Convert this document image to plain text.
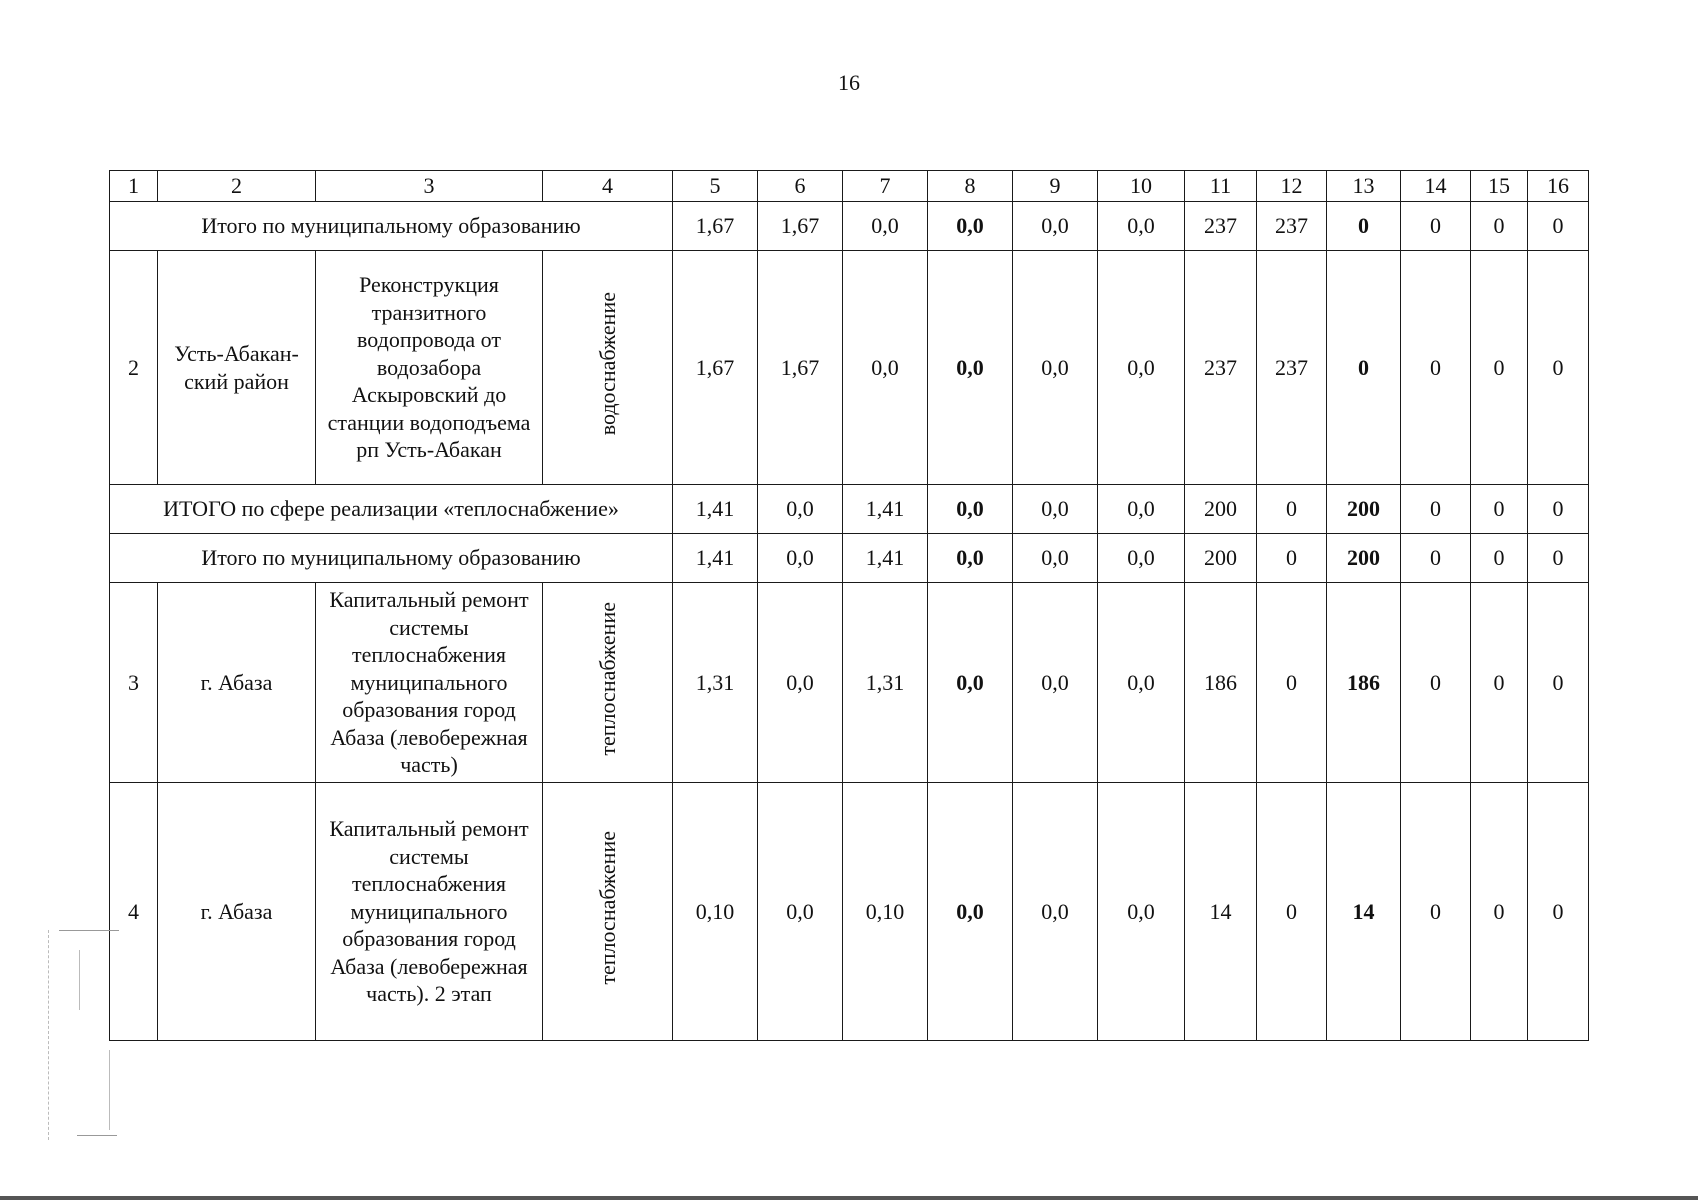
16
1	2	3	4	5	6	7	8	9	10	11	12	13	14	15	16
Итого по муниципальному образованию				1,67	1,67	0,0	0,0	0,0	0,0	237	237	0	0	0	0
2	Усть-Абакан-ский район	Реконструкция транзитного водопровода от водозабора Аскыровский до станции водоподъема рп Усть-Абакан	водоснабжение	1,67	1,67	0,0	0,0	0,0	0,0	237	237	0	0	0	0
ИТОГО по сфере реализации «теплоснабжение»				1,41	0,0	1,41	0,0	0,0	0,0	200	0	200	0	0	0
Итого по муниципальному образованию				1,41	0,0	1,41	0,0	0,0	0,0	200	0	200	0	0	0
3	г. Абаза	Капитальный ремонт системы теплоснабжения муниципального образования город Абаза (левобережная часть)	теплоснабжение	1,31	0,0	1,31	0,0	0,0	0,0	186	0	186	0	0	0
4	г. Абаза	Капитальный ремонт системы теплоснабжения муниципального образования город Абаза (левобережная часть). 2 этап	теплоснабжение	0,10	0,0	0,10	0,0	0,0	0,0	14	0	14	0	0	0
